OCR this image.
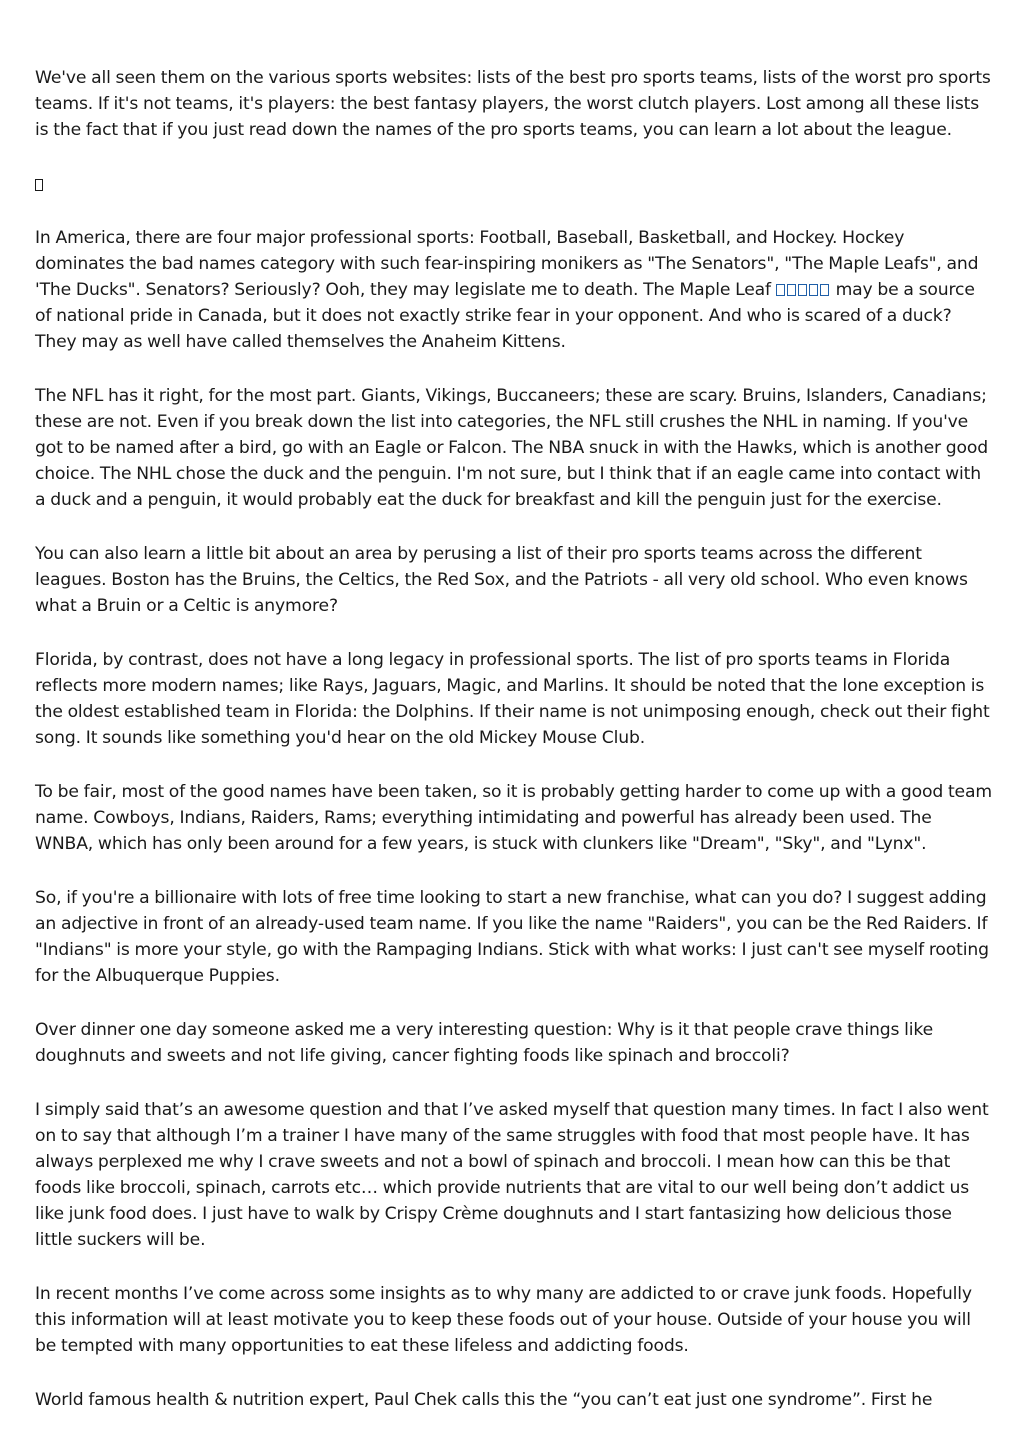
We've all seen them on the various sports websites: lists of the best pro sports teams, lists of the worst pro sports teams. If it's not teams, it's players: the best fantasy players, the worst clutch players. Lost among all these lists is the fact that if you just read down the names of the pro sports teams, you can learn a lot about the league.

In America, there are four major professional sports: Football, Baseball, Basketball, and Hockey. Hockey dominates the bad names category with such fear-inspiring monikers as "The Senators", "The Maple Leafs", and 'The Ducks". Senators? Seriously? Ooh, they may legislate me to death. The Maple Leaf	may be a source of national pride in Canada, but it does not exactly strike fear in your opponent. And who is scared of a duck? They may as well have called themselves the Anaheim Kittens.

The NFL has it right, for the most part. Giants, Vikings, Buccaneers; these are scary. Bruins, Islanders, Canadians; these are not. Even if you break down the list into categories, the NFL still crushes the NHL in naming. If you've got to be named after a bird, go with an Eagle or Falcon. The NBA snuck in with the Hawks, which is another good choice. The NHL chose the duck and the penguin. I'm not sure, but I think that if an eagle came into contact with a duck and a penguin, it would probably eat the duck for breakfast and kill the penguin just for the exercise.

You can also learn a little bit about an area by perusing a list of their pro sports teams across the different leagues. Boston has the Bruins, the Celtics, the Red Sox, and the Patriots - all very old school. Who even knows what a Bruin or a Celtic is anymore?

Florida, by contrast, does not have a long legacy in professional sports. The list of pro sports teams in Florida reflects more modern names; like Rays, Jaguars, Magic, and Marlins. It should be noted that the lone exception is the oldest established team in Florida: the Dolphins. If their name is not unimposing enough, check out their fight song. It sounds like something you'd hear on the old Mickey Mouse Club.

To be fair, most of the good names have been taken, so it is probably getting harder to come up with a good team name. Cowboys, Indians, Raiders, Rams; everything intimidating and powerful has already been used. The WNBA, which has only been around for a few years, is stuck with clunkers like "Dream", "Sky", and "Lynx".

So, if you're a billionaire with lots of free time looking to start a new franchise, what can you do? I suggest adding an adjective in front of an already-used team name. If you like the name "Raiders", you can be the Red Raiders. If "Indians" is more your style, go with the Rampaging Indians. Stick with what works: I just can't see myself rooting for the Albuquerque Puppies.

Over dinner one day someone asked me a very interesting question: Why is it that people crave things like doughnuts and sweets and not life giving, cancer fighting foods like spinach and broccoli?

I simply said that’s an awesome question and that I’ve asked myself that question many times. In fact I also went on to say that although I’m a trainer I have many of the same struggles with food that most people have. It has always perplexed me why I crave sweets and not a bowl of spinach and broccoli. I mean how can this be that foods like broccoli, spinach, carrots etc… which provide nutrients that are vital to our well being don’t addict us like junk food does. I just have to walk by Crispy Crème doughnuts and I start fantasizing how delicious those little suckers will be.

In recent months I’ve come across some insights as to why many are addicted to or crave junk foods. Hopefully this information will at least motivate you to keep these foods out of your house. Outside of your house you will be tempted with many opportunities to eat these lifeless and addicting foods.

World famous health & nutrition expert, Paul Chek calls this the “you can’t eat just one syndrome”. First he
